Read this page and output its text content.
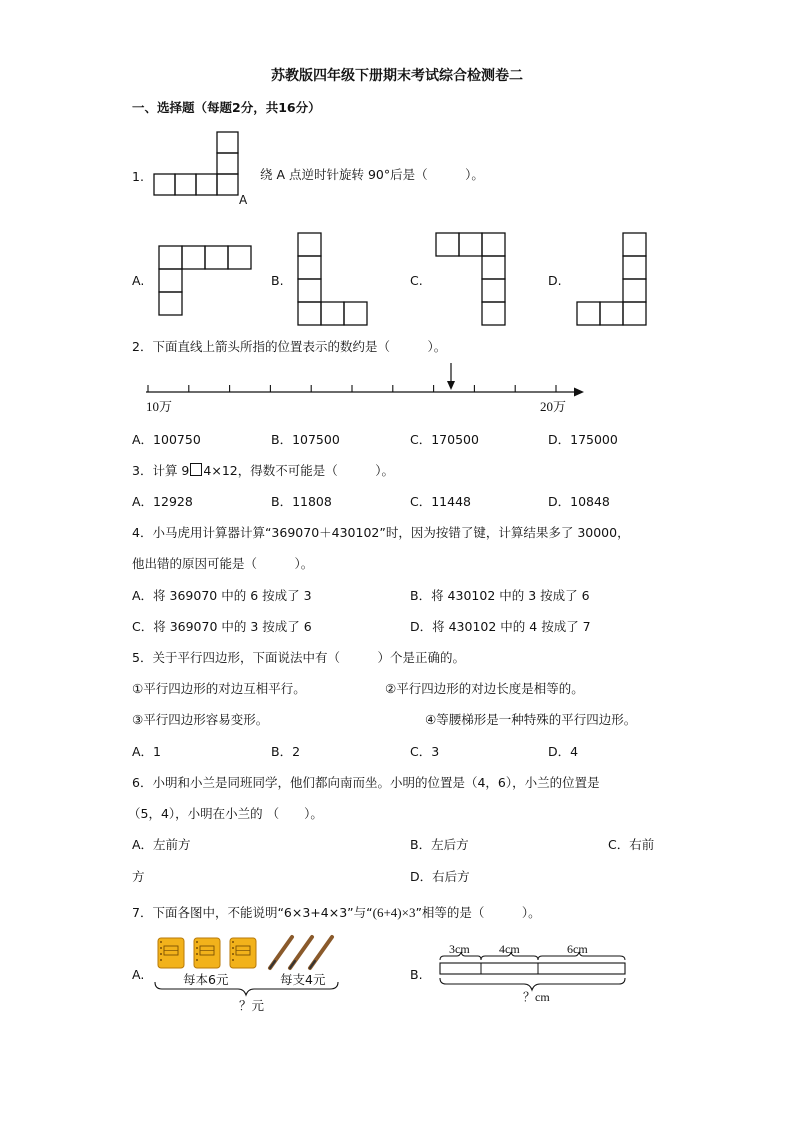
苏教版四年级下册期末考试综合检测卷二
一、选择题（每题2分，共16分）
1.
A
绕 A 点逆时针旋转 90°后是（　　　）。
A.	B.	C.	D.
2．下面直线上箭头所指的位置表示的数约是（　　　）。
10万	20万
A．100750	B．107500	C．170500	D．175000
3．计算 9 4×12，得数不可能是（　　　）。
A．12928	B．11808	C．11448	D．10848
4．小马虎用计算器计算“369070＋430102”时，因为按错了键，计算结果多了 30000，
他出错的原因可能是（　　　）。
A．将 369070 中的 6 按成了 3	B．将 430102 中的 3 按成了 6
C．将 369070 中的 3 按成了 6	D．将 430102 中的 4 按成了 7
5．关于平行四边形，下面说法中有（　　　）个是正确的。
①平行四边形的对边互相平行。	②平行四边形的对边长度是相等的。
③平行四边形容易变形。	④等腰梯形是一种特殊的平行四边形。
A．1	B．2	C．3	D．4
6．小明和小兰是同班同学，他们都向南而坐。小明的位置是（4，6），小兰的位置是
（5，4），小明在小兰的 （　　）。
A．左前方	B．左后方	C．右前
方	D．右后方
7．下面各图中，不能说明“6×3+4×3”与“(6+4)×3”相等的是（　　　）。
A.	每本6元	每支4元
？元
B.
3cm 4cm	6cm
？cm
